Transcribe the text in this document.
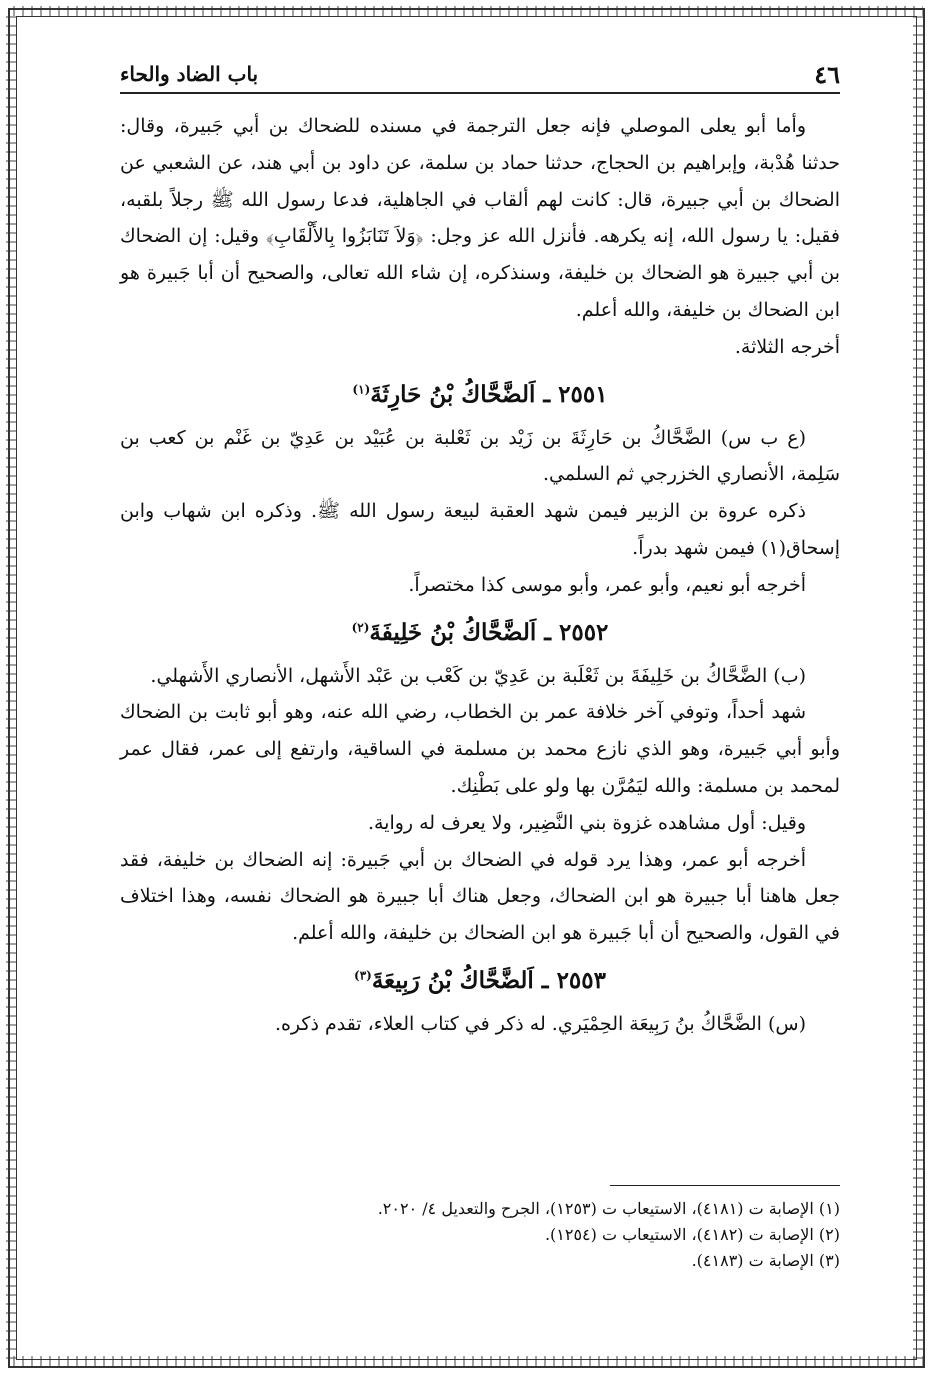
٤٦
باب الضاد والحاء

وأما أبو يعلى الموصلي فإنه جعل الترجمة في مسنده للضحاك بن أبي جَبيرة، وقال: حدثنا هُدْبة، وإبراهيم بن الحجاج، حدثنا حماد بن سلمة، عن داود بن أبي هند، عن الشعبي عن الضحاك بن أبي جبيرة، قال: كانت لهم ألقاب في الجاهلية، فدعا رسول الله ﷺ رجلاً بلقبه، فقيل: يا رسول الله، إنه يكرهه. فأنزل الله عز وجل: ﴿وَلاَ تَنَابَزُوا بِالأَلْقَابِ﴾ وقيل: إن الضحاك بن أبي جبيرة هو الضحاك بن خليفة، وسنذكره، إن شاء الله تعالى، والصحيح أن أبا جَبيرة هو ابن الضحاك بن خليفة، والله أعلم.

أخرجه الثلاثة.

٢٥٥١ ـ اَلضَّحَّاكُ بْنُ حَارِثَةَ$^{(١)}$

(ع ب س) الضَّحَّاكُ بن حَارِثَةَ بن زَيْد بن ثَعْلبة بن عُبَيْد بن عَدِيّ بن غَنْم بن كعب بن سَلِمة، الأنصاري الخزرجي ثم السلمي.

ذكره عروة بن الزبير فيمن شهد العقبة لبيعة رسول الله ﷺ. وذكره ابن شهاب وابن إسحاق(١) فيمن شهد بدراً.

أخرجه أبو نعيم، وأبو عمر، وأبو موسى كذا مختصراً.

٢٥٥٢ ـ اَلضَّحَّاكُ بْنُ خَلِيفَةَ$^{(٢)}$

(ب) الضَّحَّاكُ بن خَلِيفَةَ بن ثَعْلَبة بن عَدِيّ بن كَعْب بن عَبْد الأَشهل، الأنصاري الأَشهلي.

شهد أحداً، وتوفي آخر خلافة عمر بن الخطاب، رضي الله عنه، وهو أبو ثابت بن الضحاك وأبو أبي جَبيرة، وهو الذي نازع محمد بن مسلمة في الساقية، وارتفع إلى عمر، فقال عمر لمحمد بن مسلمة: والله ليَمُرَّن بها ولو على بَطْنِك.

وقيل: أول مشاهده غزوة بني النَّضِير، ولا يعرف له رواية.

أخرجه أبو عمر، وهذا يرد قوله في الضحاك بن أبي جَبيرة: إنه الضحاك بن خليفة، فقد جعل هاهنا أبا جبيرة هو ابن الضحاك، وجعل هناك أبا جبيرة هو الضحاك نفسه، وهذا اختلاف في القول، والصحيح أن أبا جَبيرة هو ابن الضحاك بن خليفة، والله أعلم.

٢٥٥٣ ـ اَلضَّحَّاكُ بْنُ رَبِيعَةَ$^{(٣)}$

(س) الضَّحَّاكُ بنُ رَبِيعَة الحِمْيَري. له ذكر في كتاب العلاء، تقدم ذكره.

(١) الإصابة ت (٤١٨١)، الاستيعاب ت (١٢٥٣)، الجرح والتعديل ٤/ ٢٠٢٠.

(٢) الإصابة ت (٤١٨٢)، الاستيعاب ت (١٢٥٤).

(٣) الإصابة ت (٤١٨٣).
